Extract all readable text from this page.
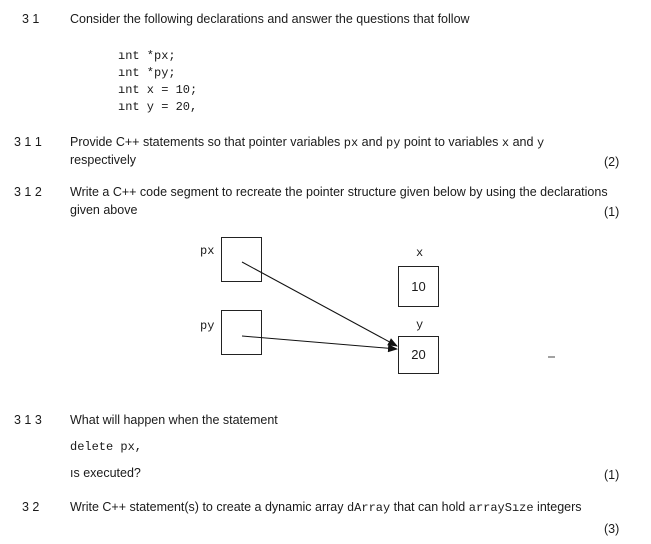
3 1 Consider the following declarations and answer the questions that follow
ınt *px;
ınt *py;
ınt x = 10;
ınt y = 20,
3 1 1 Provide C++ statements so that pointer variables px and py point to variables x and y
respectively	(2)
3 1 2 Write a C++ code segment to recreate the pointer structure given below by using the declarations
given above	(1)
px
py
x
10
y
20
3 1 3 What will happen when the statement
delete px,
ıs executed?	(1)
3 2 Write C++ statement(s) to create a dynamic array dArray that can hold arraySıze integers
(3)
